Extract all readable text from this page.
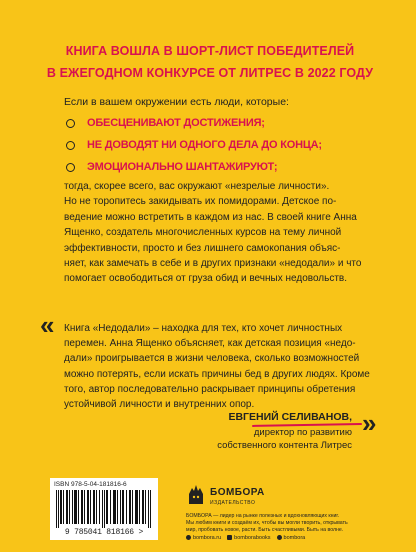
КНИГА ВОШЛА В ШОРТ-ЛИСТ ПОБЕДИТЕЛЕЙ
В ЕЖЕГОДНОМ КОНКУРСЕ ОТ ЛИТРЕС В 2022 ГОДУ
Если в вашем окружении есть люди, которые:
ОБЕСЦЕНИВАЮТ ДОСТИЖЕНИЯ;
НЕ ДОВОДЯТ НИ ОДНОГО ДЕЛА ДО КОНЦА;
ЭМОЦИОНАЛЬНО ШАНТАЖИРУЮТ;
тогда, скорее всего, вас окружают «незрелые личности».
Но не торопитесь закидывать их помидорами. Детское по-
ведение можно встретить в каждом из нас. В своей книге Анна
Ященко, создатель многочисленных курсов на тему личной
эффективности, просто и без лишнего самокопания объяс-
няет, как замечать в себе и в других признаки «недодали» и что
помогает освободиться от груза обид и вечных недовольств.
« Книга «Недодали» – находка для тех, кто хочет личностных
перемен. Анна Ященко объясняет, как детская позиция «недо-
дали» проигрывается в жизни человека, сколько возможностей
можно потерять, если искать причины бед в других людях. Кроме
того, автор последовательно раскрывает принципы обретения
устойчивой личности и внутренних опор.
»
ЕВГЕНИЙ СЕЛИВАНОВ,
директор по развитию
собственного контента Литрес
ISBN 978-5-04-181816-6
9 785041 818166 >
БОМБОРА
ИЗДАТЕЛЬСТВО
БОМБОРА — лидер на рынке полезных и вдохновляющих книг.
Мы любим книги и создаём их, чтобы вы могли творить, открывать
мир, пробовать новое, расти. Быть счастливыми. Быть на волне.
bombora.ru	bomborabooks	bombora
